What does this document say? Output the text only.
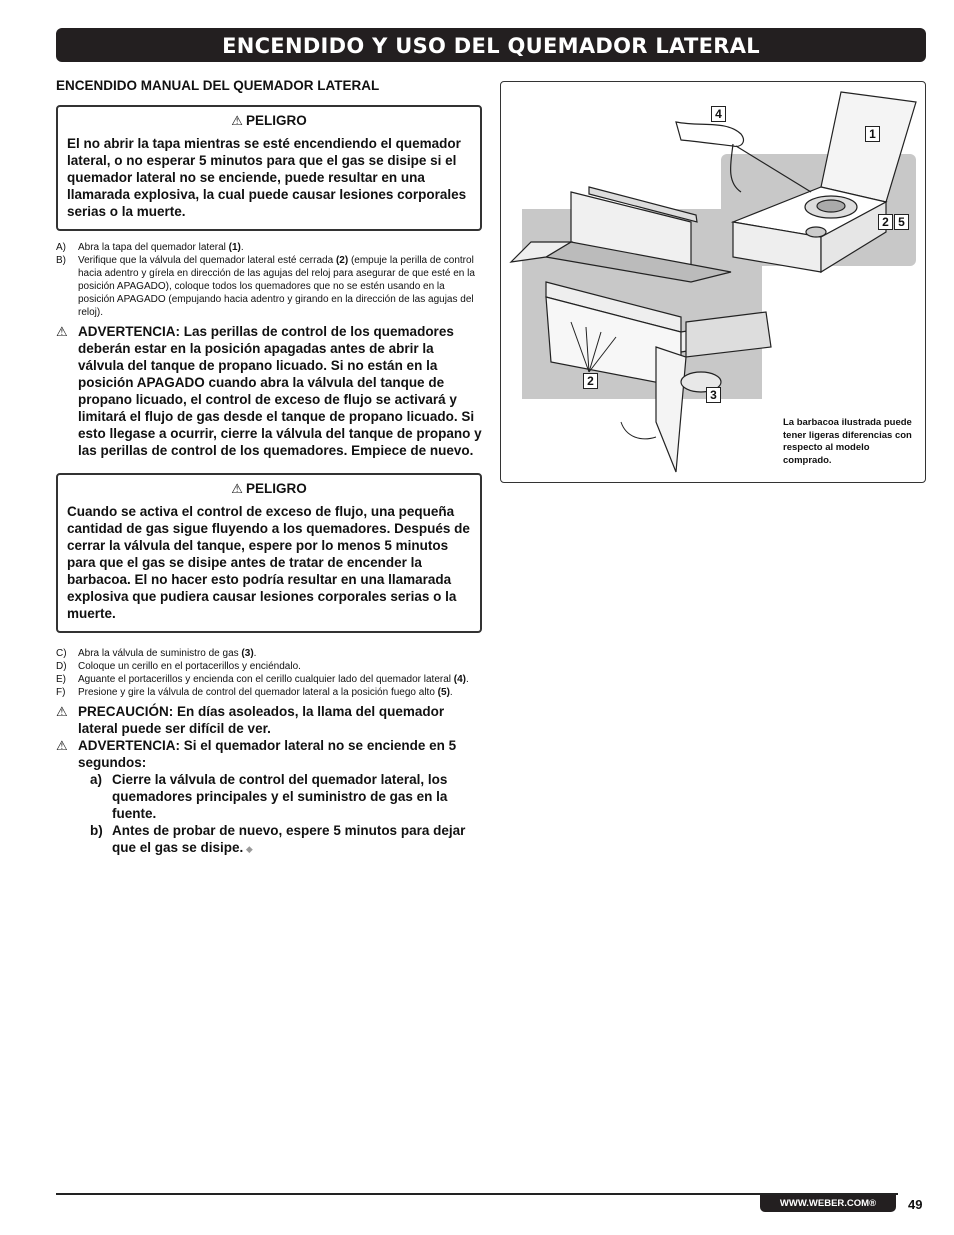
ENCENDIDO Y USO DEL QUEMADOR LATERAL
ENCENDIDO MANUAL DEL QUEMADOR LATERAL
⚠ PELIGRO
El no abrir la tapa mientras se esté encendiendo el quemador lateral, o no esperar 5 minutos para que el gas se disipe si el quemador lateral no se enciende, puede resultar en una llamarada explosiva, la cual puede causar lesiones corporales serias o la muerte.
A)	Abra la tapa del quemador lateral (1).
B)	Verifique que la válvula del quemador lateral esté cerrada (2) (empuje la perilla de control hacia adentro y gírela en dirección de las agujas del reloj para asegurar de que esté en la posición APAGADO), coloque todos los quemadores que no se estén usando en la posición APAGADO (empujando hacia adentro y girando en la dirección de las agujas del reloj).
⚠ ADVERTENCIA: Las perillas de control de los quemadores deberán estar en la posición apagadas antes de abrir la válvula del tanque de propano licuado. Si no están en la posición APAGADO cuando abra la válvula del tanque de propano licuado, el control de exceso de flujo se activará y limitará el flujo de gas desde el tanque de propano licuado. Si esto llegase a ocurrir, cierre la válvula del tanque de propano y las perillas de control de los quemadores. Empiece de nuevo.
⚠ PELIGRO
Cuando se activa el control de exceso de flujo, una pequeña cantidad de gas sigue fluyendo a los quemadores. Después de cerrar la válvula del tanque, espere por lo menos 5 minutos para que el gas se disipe antes de tratar de encender la barbacoa. El no hacer esto podría resultar en una llamarada explosiva que pudiera causar lesiones corporales serias o la muerte.
C)	Abra la válvula de suministro de gas (3).
D)	Coloque un cerillo en el portacerillos y enciéndalo.
E)	Aguante el portacerillos y encienda con el cerillo cualquier lado del quemador lateral (4).
F)	Presione y gire la válvula de control del quemador lateral a la posición fuego alto (5).
⚠ PRECAUCIÓN: En días asoleados, la llama del quemador lateral puede ser difícil de ver.
⚠ ADVERTENCIA: Si el quemador lateral no se enciende en 5 segundos:
a) Cierre la válvula de control del quemador lateral, los quemadores principales y el suministro de gas en la fuente.
b) Antes de probar de nuevo, espere 5 minutos para dejar que el gas se disipe. ◆
4
1
2 5
2
3
La barbacoa ilustrada puede tener ligeras diferencias con respecto al modelo comprado.
WWW.WEBER.COM®	49
